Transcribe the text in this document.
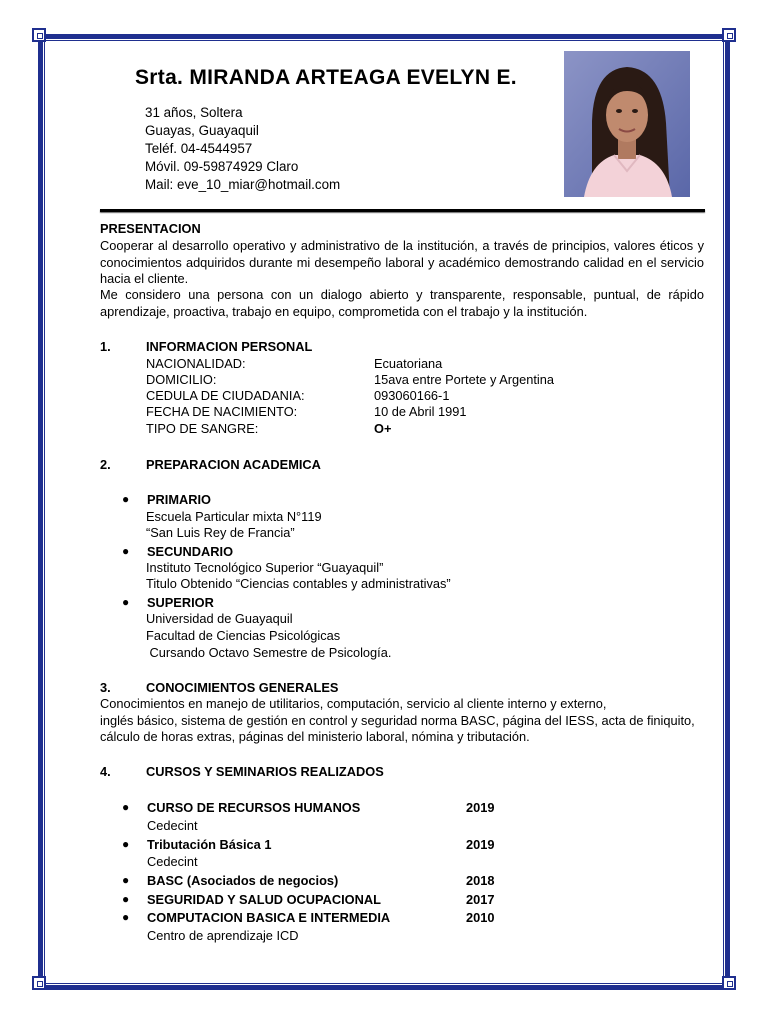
Srta. MIRANDA ARTEAGA EVELYN E.
31 años, Soltera
Guayas, Guayaquil
Teléf. 04-4544957
Móvil. 09-59874929 Claro
Mail: eve_10_miar@hotmail.com
PRESENTACION
Cooperar al desarrollo operativo y administrativo de la institución, a través de principios, valores éticos y conocimientos adquiridos durante mi desempeño laboral y académico demostrando calidad en el servicio hacia el cliente.
Me considero una persona con un dialogo abierto y transparente, responsable, puntual, de rápido aprendizaje, proactiva, trabajo en equipo, comprometida con el trabajo y la institución.
1.	INFORMACION PERSONAL
NACIONALIDAD:	Ecuatoriana
DOMICILIO:	15ava entre Portete y Argentina
CEDULA DE CIUDADANIA:	093060166-1
FECHA DE NACIMIENTO:	10 de Abril 1991
TIPO DE SANGRE:	O+
2.	PREPARACION ACADEMICA
● PRIMARIO
Escuela Particular mixta N°119
“San Luis Rey de Francia”
● SECUNDARIO
Instituto Tecnológico Superior “Guayaquil”
Titulo Obtenido “Ciencias contables y administrativas”
● SUPERIOR
Universidad de Guayaquil
Facultad de Ciencias Psicológicas
Cursando Octavo Semestre de Psicología.
3.	CONOCIMIENTOS GENERALES
Conocimientos en manejo de utilitarios, computación, servicio al cliente interno y externo,
inglés básico, sistema de gestión en control y seguridad norma BASC, página del IESS, acta de finiquito,
cálculo de horas extras, páginas del ministerio laboral, nómina y tributación.
4.	CURSOS Y SEMINARIOS REALIZADOS
● CURSO DE RECURSOS HUMANOS	2019
Cedecint
● Tributación Básica 1	2019
Cedecint
● BASC (Asociados de negocios)	2018
● SEGURIDAD Y SALUD OCUPACIONAL	2017
● COMPUTACION BASICA E INTERMEDIA	2010
Centro de aprendizaje ICD
